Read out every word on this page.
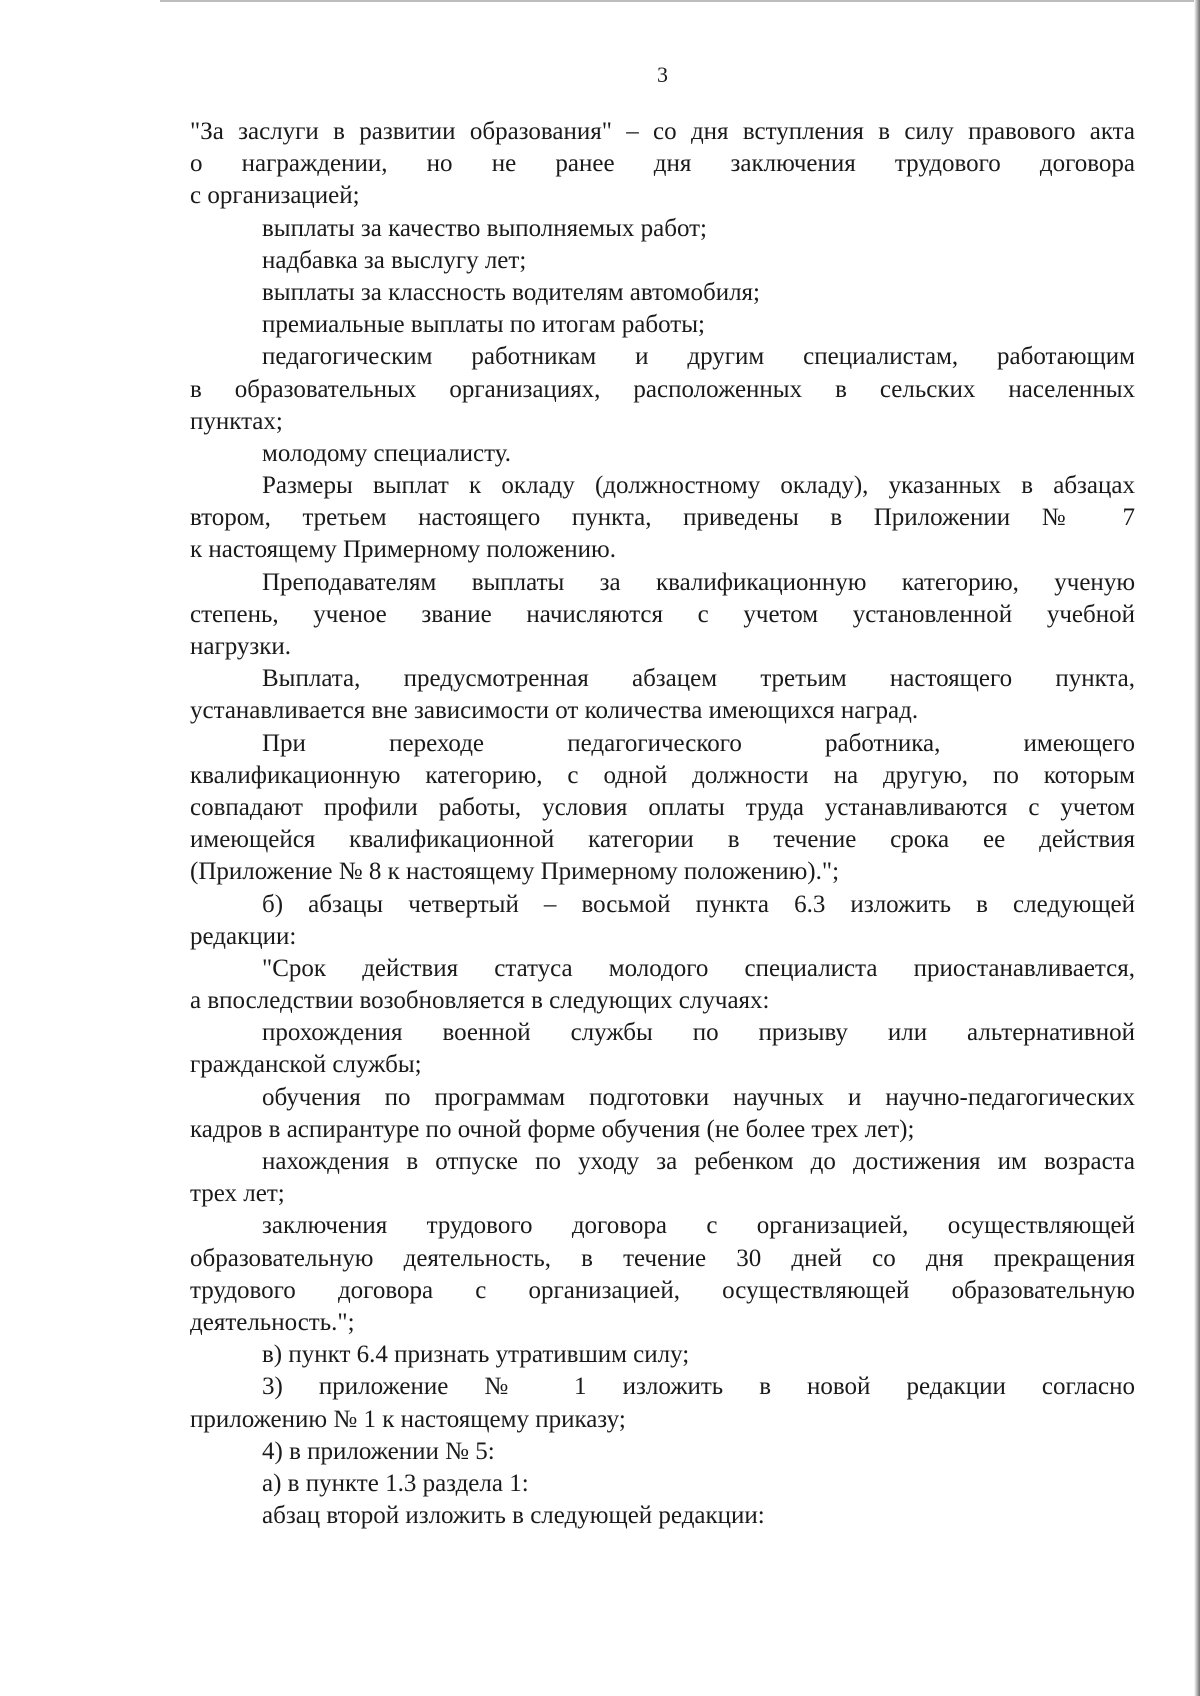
3
"За заслуги в развитии образования" – со дня вступления в силу правового акта
о награждении, но не ранее дня заключения трудового договора
с организацией;
выплаты за качество выполняемых работ;
надбавка за выслугу лет;
выплаты за классность водителям автомобиля;
премиальные выплаты по итогам работы;
педагогическим работникам и другим специалистам, работающим
в образовательных организациях, расположенных в сельских населенных
пунктах;
молодому специалисту.
Размеры выплат к окладу (должностному окладу), указанных в абзацах
втором, третьем настоящего пункта, приведены в Приложении № 7
к настоящему Примерному положению.
Преподавателям выплаты за квалификационную категорию, ученую
степень, ученое звание начисляются с учетом установленной учебной
нагрузки.
Выплата, предусмотренная абзацем третьим настоящего пункта,
устанавливается вне зависимости от количества имеющихся наград.
При переходе педагогического работника, имеющего
квалификационную категорию, с одной должности на другую, по которым
совпадают профили работы, условия оплаты труда устанавливаются с учетом
имеющейся квалификационной категории в течение срока ее действия
(Приложение № 8 к настоящему Примерному положению).";
б) абзацы четвертый – восьмой пункта 6.3 изложить в следующей
редакции:
"Срок действия статуса молодого специалиста приостанавливается,
а впоследствии возобновляется в следующих случаях:
прохождения военной службы по призыву или альтернативной
гражданской службы;
обучения по программам подготовки научных и научно-педагогических
кадров в аспирантуре по очной форме обучения (не более трех лет);
нахождения в отпуске по уходу за ребенком до достижения им возраста
трех лет;
заключения трудового договора с организацией, осуществляющей
образовательную деятельность, в течение 30 дней со дня прекращения
трудового договора с организацией, осуществляющей образовательную
деятельность.";
в) пункт 6.4 признать утратившим силу;
3) приложение № 1 изложить в новой редакции согласно
приложению № 1 к настоящему приказу;
4) в приложении № 5:
а) в пункте 1.3 раздела 1:
абзац второй изложить в следующей редакции:
